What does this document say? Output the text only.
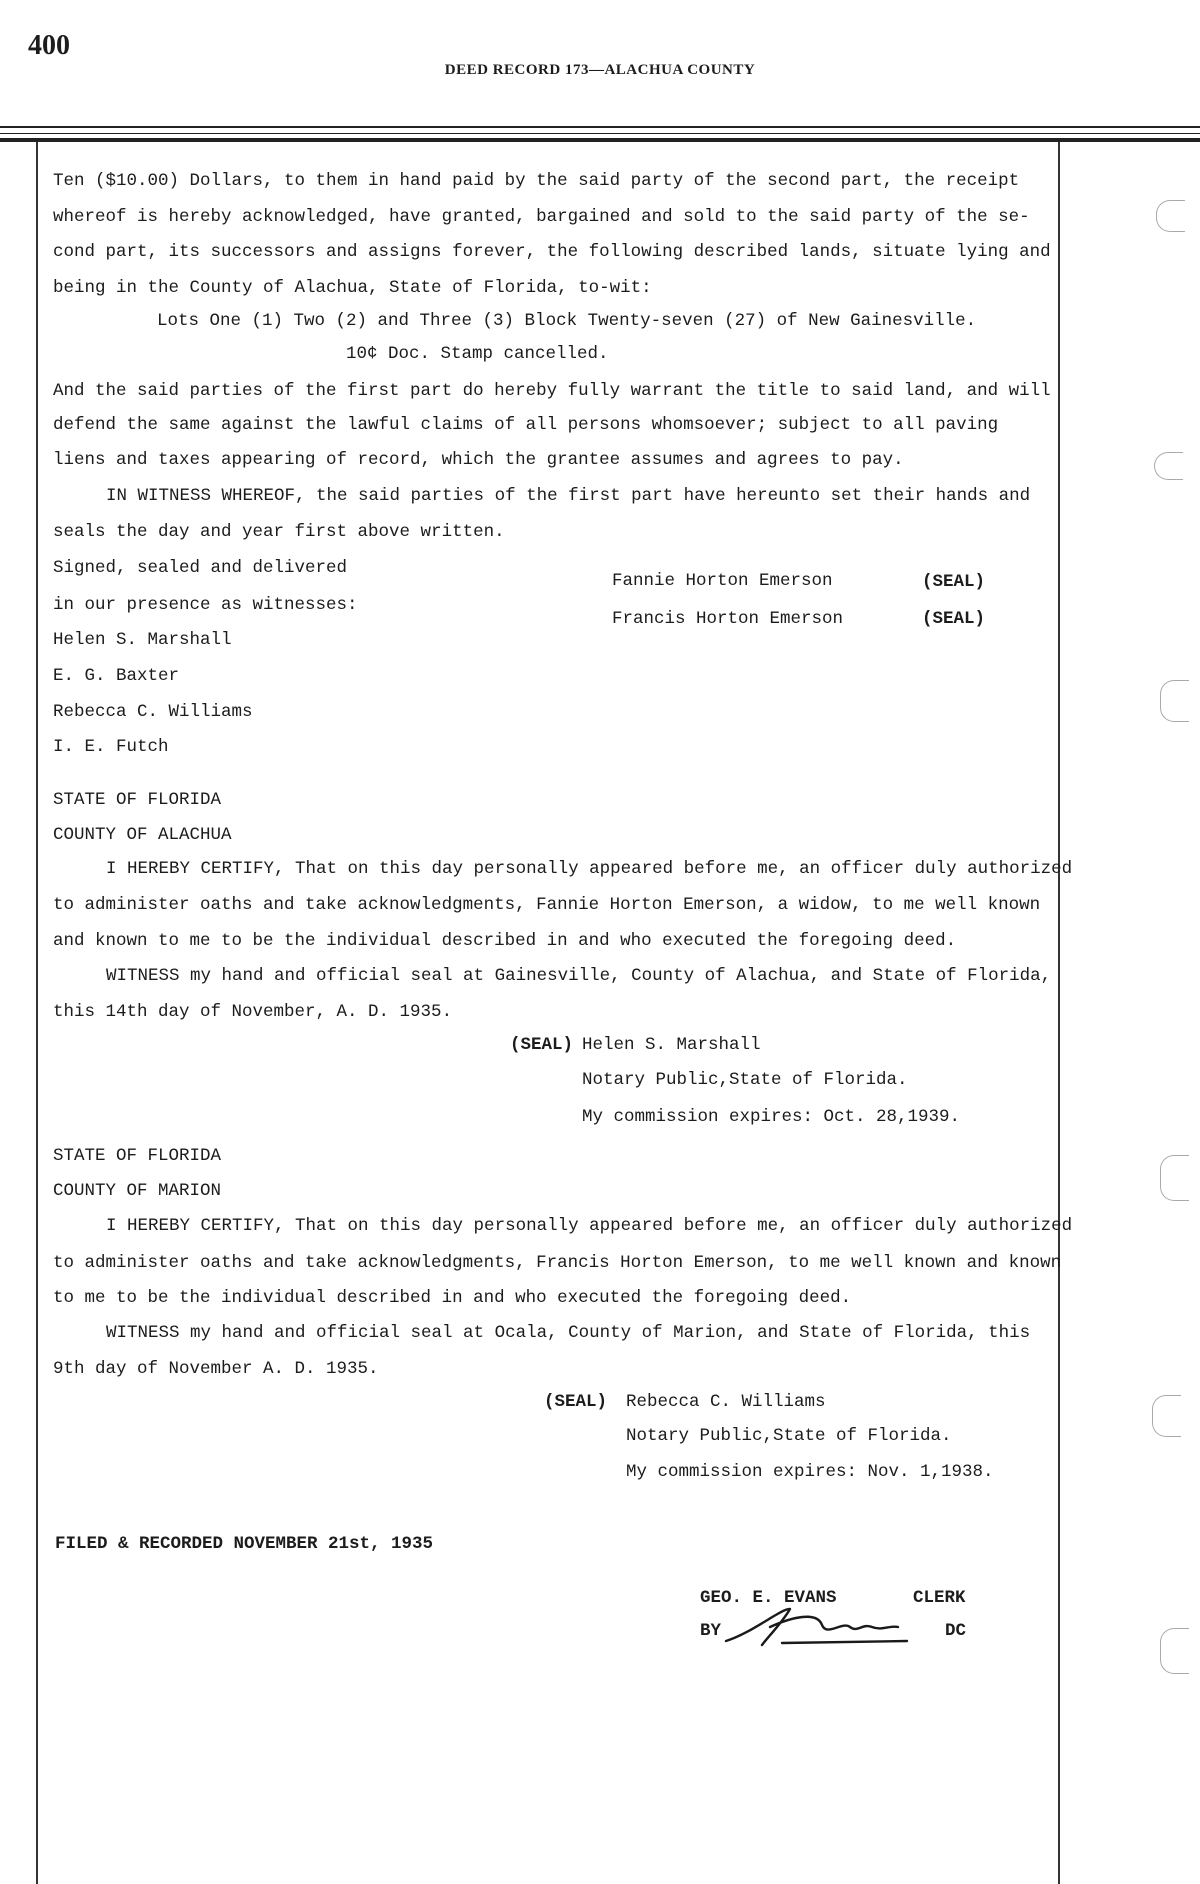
400
DEED RECORD 173—ALACHUA COUNTY
Ten ($10.00) Dollars, to them in hand paid by the said party of the second part, the receipt
whereof is hereby acknowledged, have granted, bargained and sold to the said party of the se-
cond part, its successors and assigns forever, the following described lands, situate lying and
being in the County of Alachua, State of Florida, to-wit:
Lots One (1) Two (2) and Three (3) Block Twenty-seven (27) of New Gainesville.
10¢ Doc. Stamp cancelled.
And the said parties of the first part do hereby fully warrant the title to said land, and will
defend the same against the lawful claims of all persons whomsoever; subject to all paving
liens and taxes appearing of record, which the grantee assumes and agrees to pay.
IN WITNESS WHEREOF, the said parties of the first part have hereunto set their hands and
seals the day and year first above written.
Signed, sealed and delivered
in our presence as witnesses:
Helen S. Marshall
E. G. Baxter
Rebecca C. Williams
I. E. Futch
Fannie Horton Emerson	(SEAL)
Francis Horton Emerson	(SEAL)
STATE OF FLORIDA
COUNTY OF ALACHUA
I HEREBY CERTIFY, That on this day personally appeared before me, an officer duly authorized
to administer oaths and take acknowledgments, Fannie Horton Emerson, a widow, to me well known
and known to me to be the individual described in and who executed the foregoing deed.
WITNESS my hand and official seal at Gainesville, County of Alachua, and State of Florida,
this 14th day of November, A. D. 1935.
(SEAL) Helen S. Marshall
Notary Public,State of Florida.
My commission expires: Oct. 28,1939.
STATE OF FLORIDA
COUNTY OF MARION
I HEREBY CERTIFY, That on this day personally appeared before me, an officer duly authorized
to administer oaths and take acknowledgments, Francis Horton Emerson, to me well known and known
to me to be the individual described in and who executed the foregoing deed.
WITNESS my hand and official seal at Ocala, County of Marion, and State of Florida, this
9th day of November A. D. 1935.
(SEAL) Rebecca C. Williams
Notary Public,State of Florida.
My commission expires: Nov. 1,1938.
FILED & RECORDED NOVEMBER 21st, 1935
GEO. E. EVANS	CLERK
BY	DC
